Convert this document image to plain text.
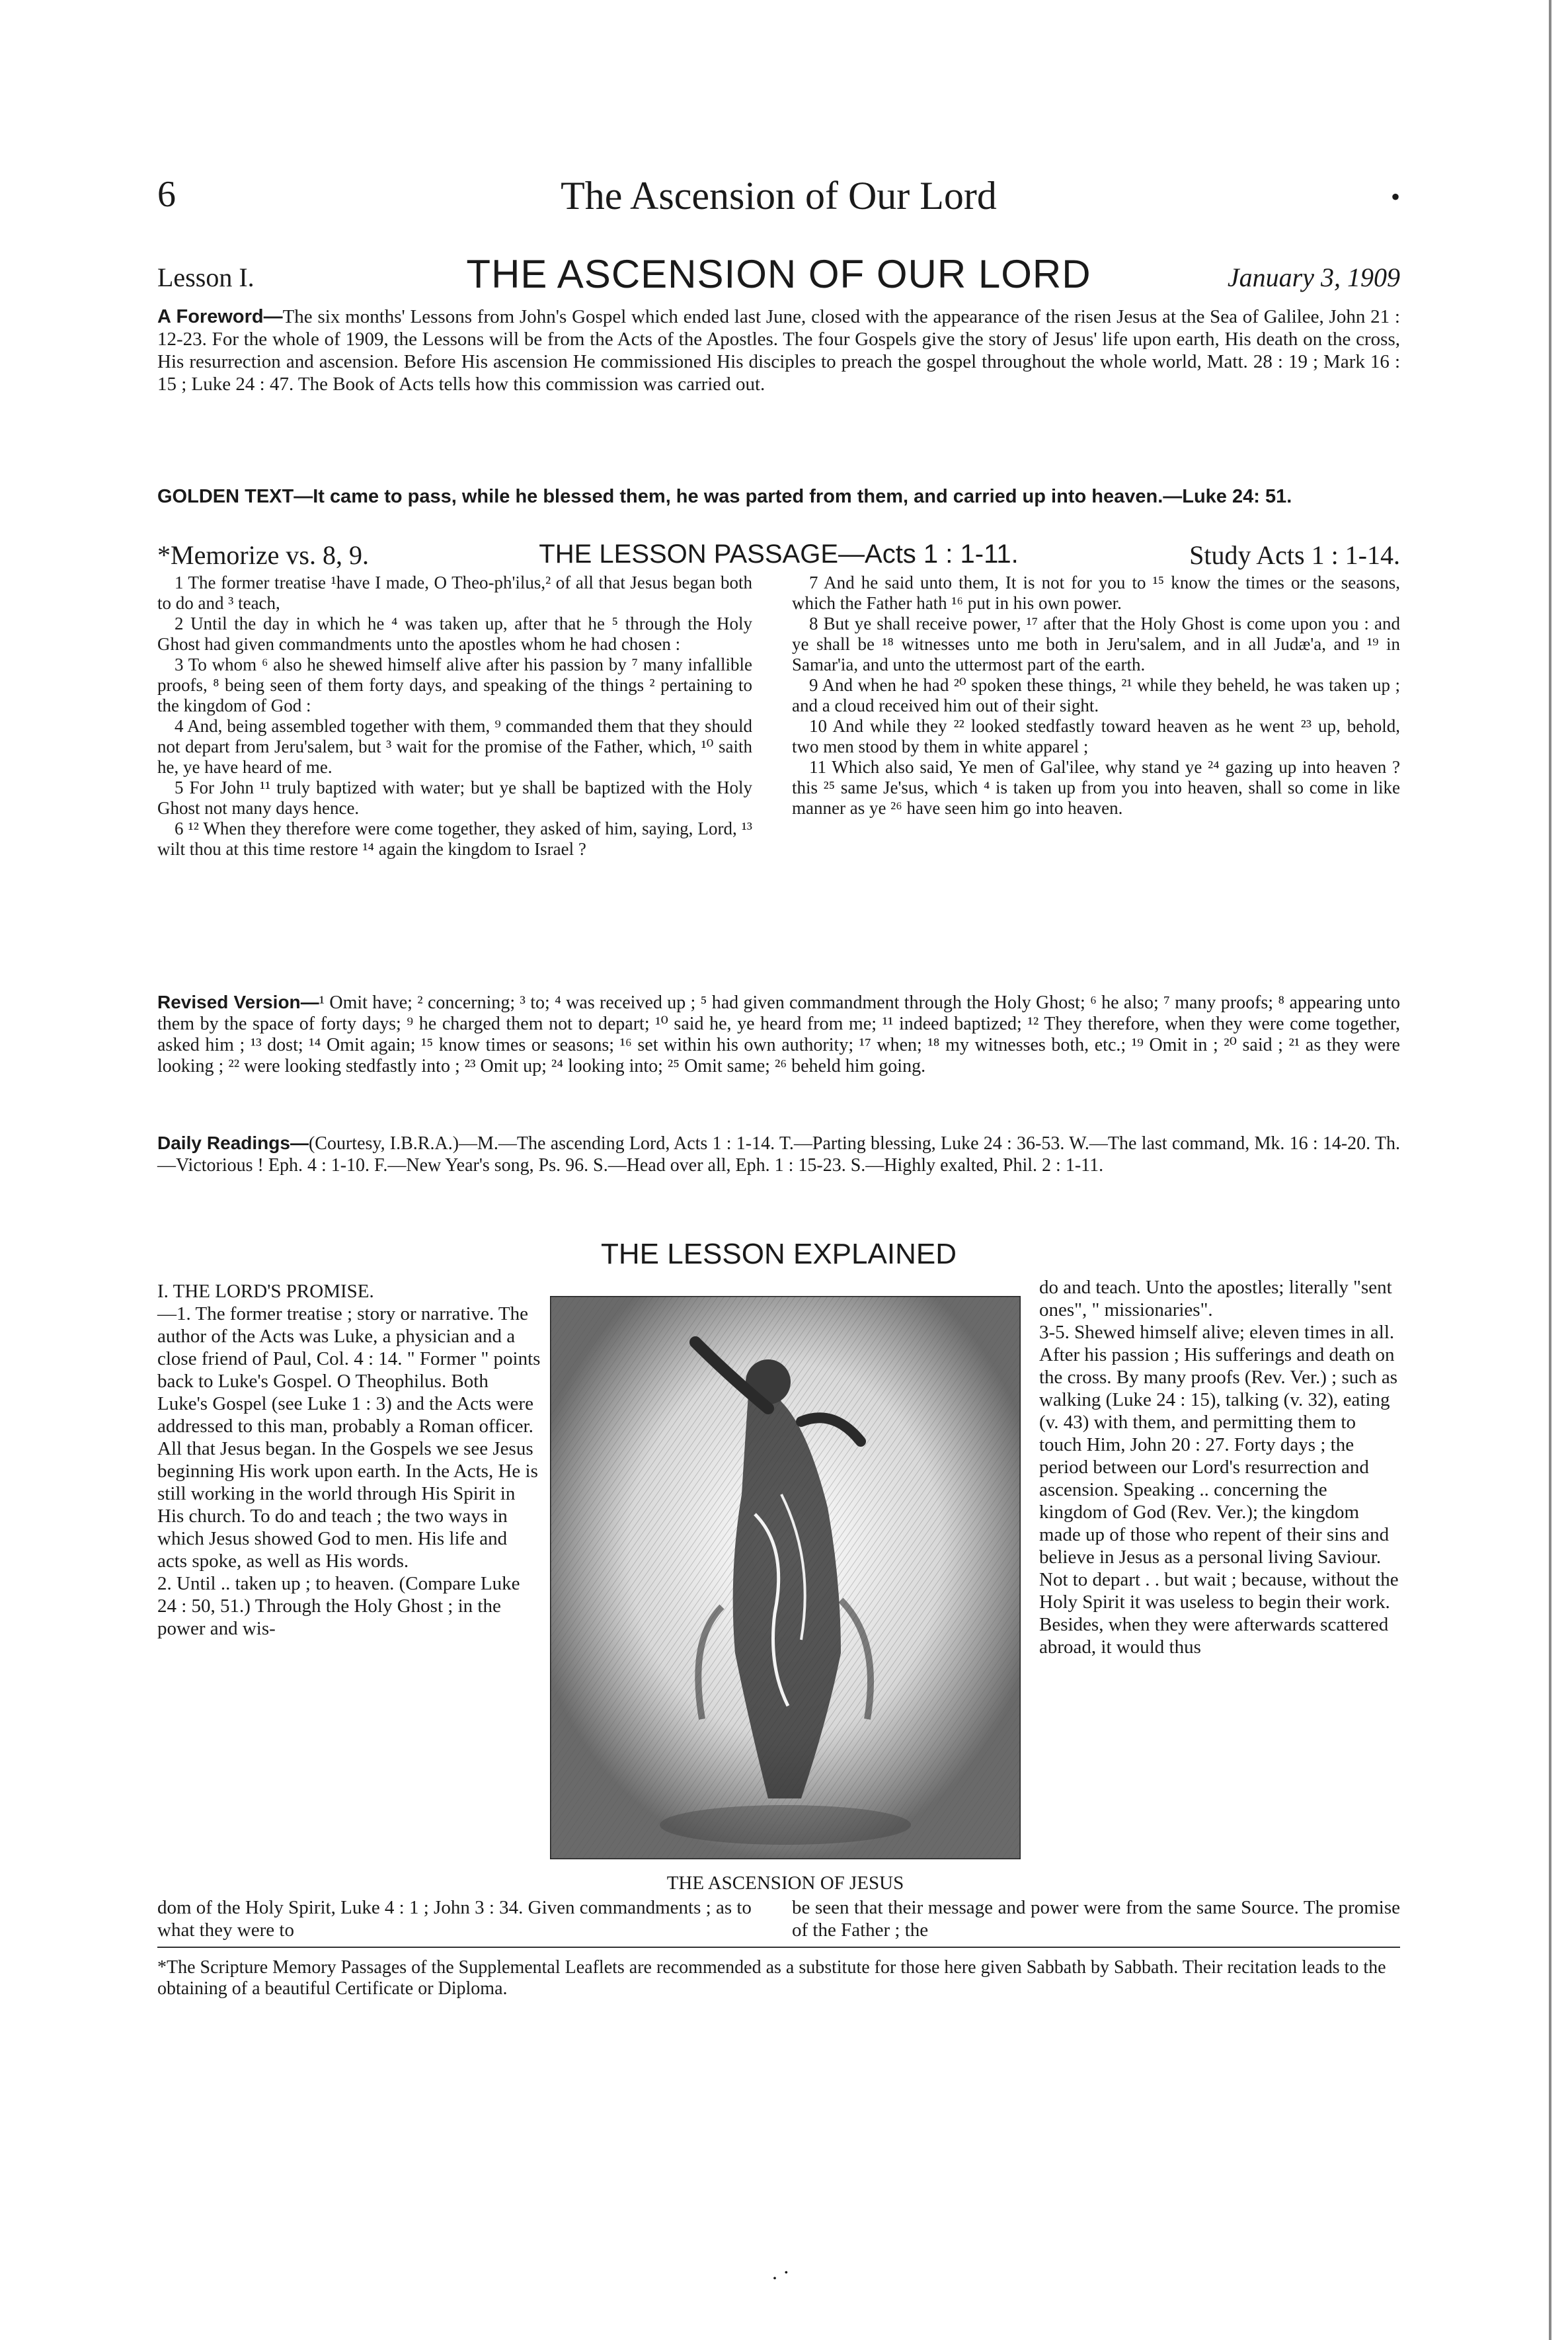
6	The Ascension of Our Lord	•
Lesson I.	THE ASCENSION OF OUR LORD	January 3, 1909
A Foreword—The six months' Lessons from John's Gospel which ended last June, closed with the appearance of the risen Jesus at the Sea of Galilee, John 21 : 12-23. For the whole of 1909, the Lessons will be from the Acts of the Apostles. The four Gospels give the story of Jesus' life upon earth, His death on the cross, His resurrection and ascension. Before His ascension He commissioned His disciples to preach the gospel throughout the whole world, Matt. 28 : 19 ; Mark 16 : 15 ; Luke 24 : 47. The Book of Acts tells how this commission was carried out.
GOLDEN TEXT—It came to pass, while he blessed them, he was parted from them, and carried up into heaven.—Luke 24: 51.
*Memorize vs. 8, 9.	THE LESSON PASSAGE—Acts 1 : 1-11.	Study Acts 1 : 1-14.

1 The former treatise ¹have I made, O Theo-ph'ilus,² of all that Jesus began both to do and ³ teach,

2 Until the day in which he ⁴ was taken up, after that he ⁵ through the Holy Ghost had given commandments unto the apostles whom he had chosen :

3 To whom ⁶ also he shewed himself alive after his passion by ⁷ many infallible proofs, ⁸ being seen of them forty days, and speaking of the things ² pertaining to the kingdom of God :

4 And, being assembled together with them, ⁹ commanded them that they should not depart from Jeru'salem, but ³ wait for the promise of the Father, which, ¹⁰ saith he, ye have heard of me.

5 For John ¹¹ truly baptized with water; but ye shall be baptized with the Holy Ghost not many days hence.

6 ¹² When they therefore were come together, they asked of him, saying, Lord, ¹³ wilt thou at this time restore ¹⁴ again the kingdom to Israel ?

7 And he said unto them, It is not for you to ¹⁵ know the times or the seasons, which the Father hath ¹⁶ put in his own power.

8 But ye shall receive power, ¹⁷ after that the Holy Ghost is come upon you : and ye shall be ¹⁸ witnesses unto me both in Jeru'salem, and in all Judæ'a, and ¹⁹ in Samar'ia, and unto the uttermost part of the earth.

9 And when he had ²⁰ spoken these things, ²¹ while they beheld, he was taken up ; and a cloud received him out of their sight.

10 And while they ²² looked stedfastly toward heaven as he went ²³ up, behold, two men stood by them in white apparel ;

11 Which also said, Ye men of Gal'ilee, why stand ye ²⁴ gazing up into heaven ? this ²⁵ same Je'sus, which ⁴ is taken up from you into heaven, shall so come in like manner as ye ²⁶ have seen him go into heaven.

Revised Version—¹ Omit have; ² concerning; ³ to; ⁴ was received up ; ⁵ had given commandment through the Holy Ghost; ⁶ he also; ⁷ many proofs; ⁸ appearing unto them by the space of forty days; ⁹ he charged them not to depart; ¹⁰ said he, ye heard from me; ¹¹ indeed baptized; ¹² They therefore, when they were come together, asked him ; ¹³ dost; ¹⁴ Omit again; ¹⁵ know times or seasons; ¹⁶ set within his own authority; ¹⁷ when; ¹⁸ my witnesses both, etc.; ¹⁹ Omit in ; ²⁰ said ; ²¹ as they were looking ; ²² were looking stedfastly into ; ²³ Omit up; ²⁴ looking into; ²⁵ Omit same; ²⁶ beheld him going.
Daily Readings—(Courtesy, I.B.R.A.)—M.—The ascending Lord, Acts 1 : 1-14. T.—Parting blessing, Luke 24 : 36-53. W.—The last command, Mk. 16 : 14-20. Th.—Victorious ! Eph. 4 : 1-10. F.—New Year's song, Ps. 96. S.—Head over all, Eph. 1 : 15-23. S.—Highly exalted, Phil. 2 : 1-11.
THE LESSON EXPLAINED

I. THE LORD'S PROMISE.

—1. The former treatise ; story or narrative. The author of the Acts was Luke, a physician and a close friend of Paul, Col. 4 : 14. " Former " points back to Luke's Gospel. O Theophilus. Both Luke's Gospel (see Luke 1 : 3) and the Acts were addressed to this man, probably a Roman officer. All that Jesus began. In the Gospels we see Jesus beginning His work upon earth. In the Acts, He is still working in the world through His Spirit in His church. To do and teach ; the two ways in which Jesus showed God to men. His life and acts spoke, as well as His words.

2. Until .. taken up ; to heaven. (Compare Luke 24 : 50, 51.) Through the Holy Ghost ; in the power and wis-

THE ASCENSION OF JESUS

do and teach. Unto the apostles; literally "sent ones", " missionaries".

3-5. Shewed himself alive; eleven times in all. After his passion ; His sufferings and death on the cross. By many proofs (Rev. Ver.) ; such as walking (Luke 24 : 15), talking (v. 32), eating (v. 43) with them, and permitting them to touch Him, John 20 : 27. Forty days ; the period between our Lord's resurrection and ascension. Speaking .. concerning the kingdom of God (Rev. Ver.); the kingdom made up of those who repent of their sins and believe in Jesus as a personal living Saviour. Not to depart . . but wait ; because, without the Holy Spirit it was useless to begin their work. Besides, when they were afterwards scattered abroad, it would thus

dom of the Holy Spirit, Luke 4 : 1 ; John 3 : 34. Given commandments ; as to what they were to
be seen that their message and power were from the same Source. The promise of the Father ; the
*The Scripture Memory Passages of the Supplemental Leaflets are recommended as a substitute for those here given Sabbath by Sabbath. Their recitation leads to the obtaining of a beautiful Certificate or Diploma.
. ·
